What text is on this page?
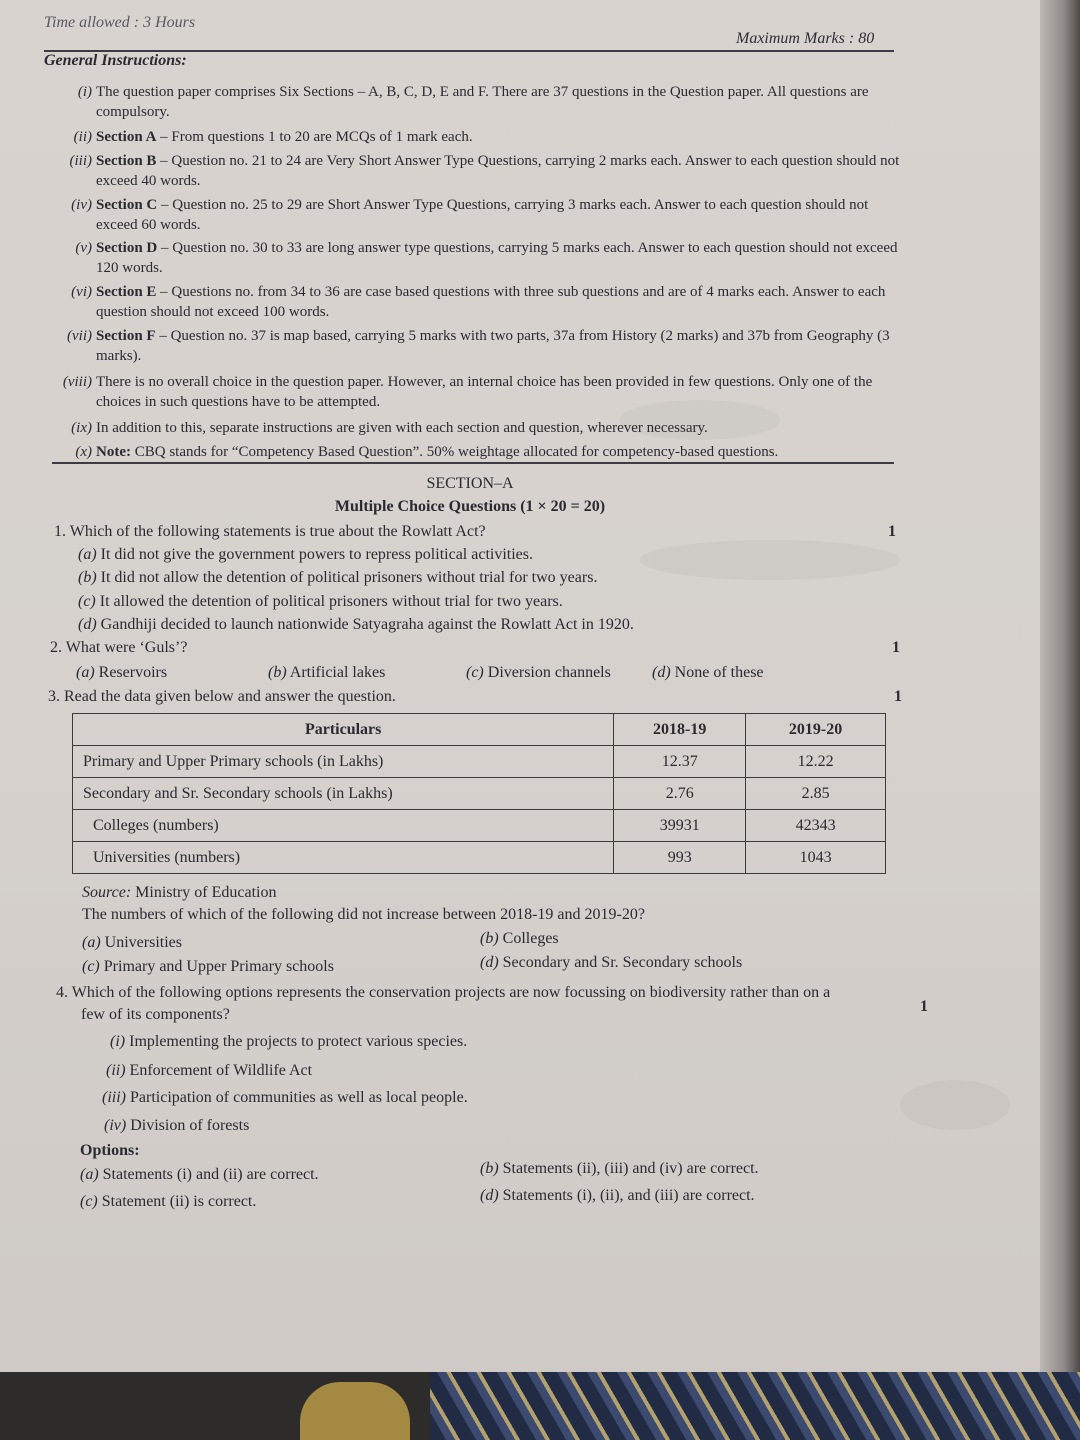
Time allowed : 3 Hours
Maximum Marks : 80
General Instructions:
(i) The question paper comprises Six Sections – A, B, C, D, E and F. There are 37 questions in the Question paper. All questions are compulsory.
(ii) Section A – From questions 1 to 20 are MCQs of 1 mark each.
(iii) Section B – Question no. 21 to 24 are Very Short Answer Type Questions, carrying 2 marks each. Answer to each question should not exceed 40 words.
(iv) Section C – Question no. 25 to 29 are Short Answer Type Questions, carrying 3 marks each. Answer to each question should not exceed 60 words.
(v) Section D – Question no. 30 to 33 are long answer type questions, carrying 5 marks each. Answer to each question should not exceed 120 words.
(vi) Section E – Questions no. from 34 to 36 are case based questions with three sub questions and are of 4 marks each. Answer to each question should not exceed 100 words.
(vii) Section F – Question no. 37 is map based, carrying 5 marks with two parts, 37a from History (2 marks) and 37b from Geography (3 marks).
(viii) There is no overall choice in the question paper. However, an internal choice has been provided in few questions. Only one of the choices in such questions have to be attempted.
(ix) In addition to this, separate instructions are given with each section and question, wherever necessary.
(x) Note: CBQ stands for “Competency Based Question”. 50% weightage allocated for competency-based questions.
SECTION–A
Multiple Choice Questions (1 × 20 = 20)
1. Which of the following statements is true about the Rowlatt Act?	1
(a) It did not give the government powers to repress political activities.
(b) It did not allow the detention of political prisoners without trial for two years.
(c) It allowed the detention of political prisoners without trial for two years.
(d) Gandhiji decided to launch nationwide Satyagraha against the Rowlatt Act in 1920.
2. What were ‘Guls’?	1
(a) Reservoirs	(b) Artificial lakes	(c) Diversion channels	(d) None of these
3. Read the data given below and answer the question.	1
Particulars	2018-19	2019-20
Primary and Upper Primary schools (in Lakhs)	12.37	12.22
Secondary and Sr. Secondary schools (in Lakhs)	2.76	2.85
Colleges (numbers)	39931	42343
Universities (numbers)	993	1043
Source: Ministry of Education
The numbers of which of the following did not increase between 2018-19 and 2019-20?
(a) Universities	(b) Colleges
(c) Primary and Upper Primary schools	(d) Secondary and Sr. Secondary schools
4. Which of the following options represents the conservation projects are now focussing on biodiversity rather than on a
few of its components?	1
(i) Implementing the projects to protect various species.
(ii) Enforcement of Wildlife Act
(iii) Participation of communities as well as local people.
(iv) Division of forests
Options:
(a) Statements (i) and (ii) are correct.	(b) Statements (ii), (iii) and (iv) are correct.
(c) Statement (ii) is correct.	(d) Statements (i), (ii), and (iii) are correct.
